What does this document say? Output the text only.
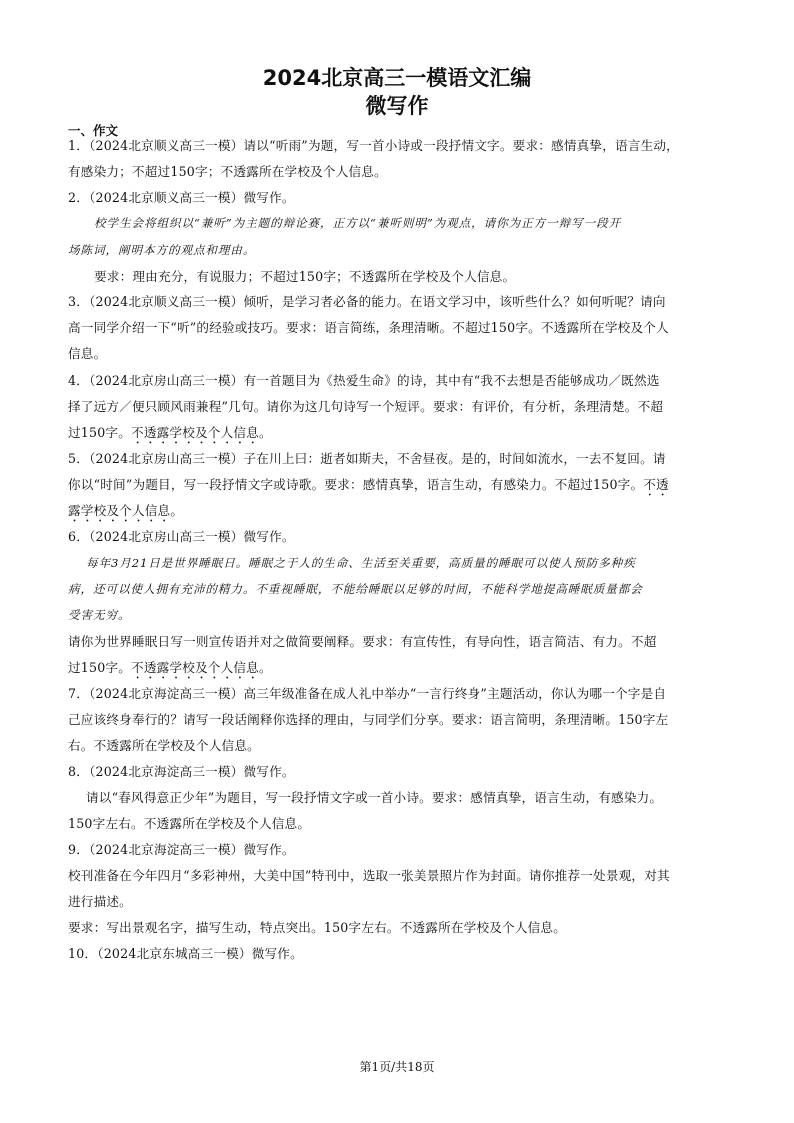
2024北京高三一模语文汇编
微写作
一、作文
1．（2024北京顺义高三一模）请以“听雨”为题，写一首小诗或一段抒情文字。要求：感情真挚，语言生动，
有感染力；不超过150字；不透露所在学校及个人信息。
2．（2024北京顺义高三一模）微写作。
校学生会将组织以“兼听”为主题的辩论赛，正方以“兼听则明”为观点，请你为正方一辩写一段开
场陈词，阐明本方的观点和理由。
要求：理由充分，有说服力；不超过150字；不透露所在学校及个人信息。
3．（2024北京顺义高三一模）倾听，是学习者必备的能力。在语文学习中，该听些什么？如何听呢？请向
高一同学介绍一下“听”的经验或技巧。要求：语言简练，条理清晰。不超过150字。不透露所在学校及个人
信息。
4．（2024北京房山高三一模）有一首题目为《热爱生命》的诗，其中有“我不去想是否能够成功／既然选
择了远方／便只顾风雨兼程”几句。请你为这几句诗写一个短评。要求：有评价，有分析，条理清楚。不超
过150字。不透露学校及个人信息。
5．（2024北京房山高三一模）子在川上曰：逝者如斯夫，不舍昼夜。是的，时间如流水，一去不复回。请
你以“时间”为题目，写一段抒情文字或诗歌。要求：感情真挚，语言生动，有感染力。不超过150字。不透
露学校及个人信息。
6．（2024北京房山高三一模）微写作。
每年3月21日是世界睡眠日。睡眠之于人的生命、生活至关重要，高质量的睡眠可以使人预防多种疾
病，还可以使人拥有充沛的精力。不重视睡眠，不能给睡眠以足够的时间，不能科学地提高睡眠质量都会
受害无穷。
请你为世界睡眠日写一则宣传语并对之做简要阐释。要求：有宣传性，有导向性，语言简洁、有力。不超
过150字。不透露学校及个人信息。
7．（2024北京海淀高三一模）高三年级准备在成人礼中举办“一言行终身”主题活动，你认为哪一个字是自
己应该终身奉行的？请写一段话阐释你选择的理由，与同学们分享。要求：语言简明，条理清晰。150字左
右。不透露所在学校及个人信息。
8．（2024北京海淀高三一模）微写作。
请以“春风得意正少年”为题目，写一段抒情文字或一首小诗。要求：感情真挚，语言生动，有感染力。
150字左右。不透露所在学校及个人信息。
9．（2024北京海淀高三一模）微写作。
校刊准备在今年四月“多彩神州，大美中国”特刊中，选取一张美景照片作为封面。请你推荐一处景观，对其
进行描述。
要求：写出景观名字，描写生动，特点突出。150字左右。不透露所在学校及个人信息。
10．（2024北京东城高三一模）微写作。
第1页/共18页
